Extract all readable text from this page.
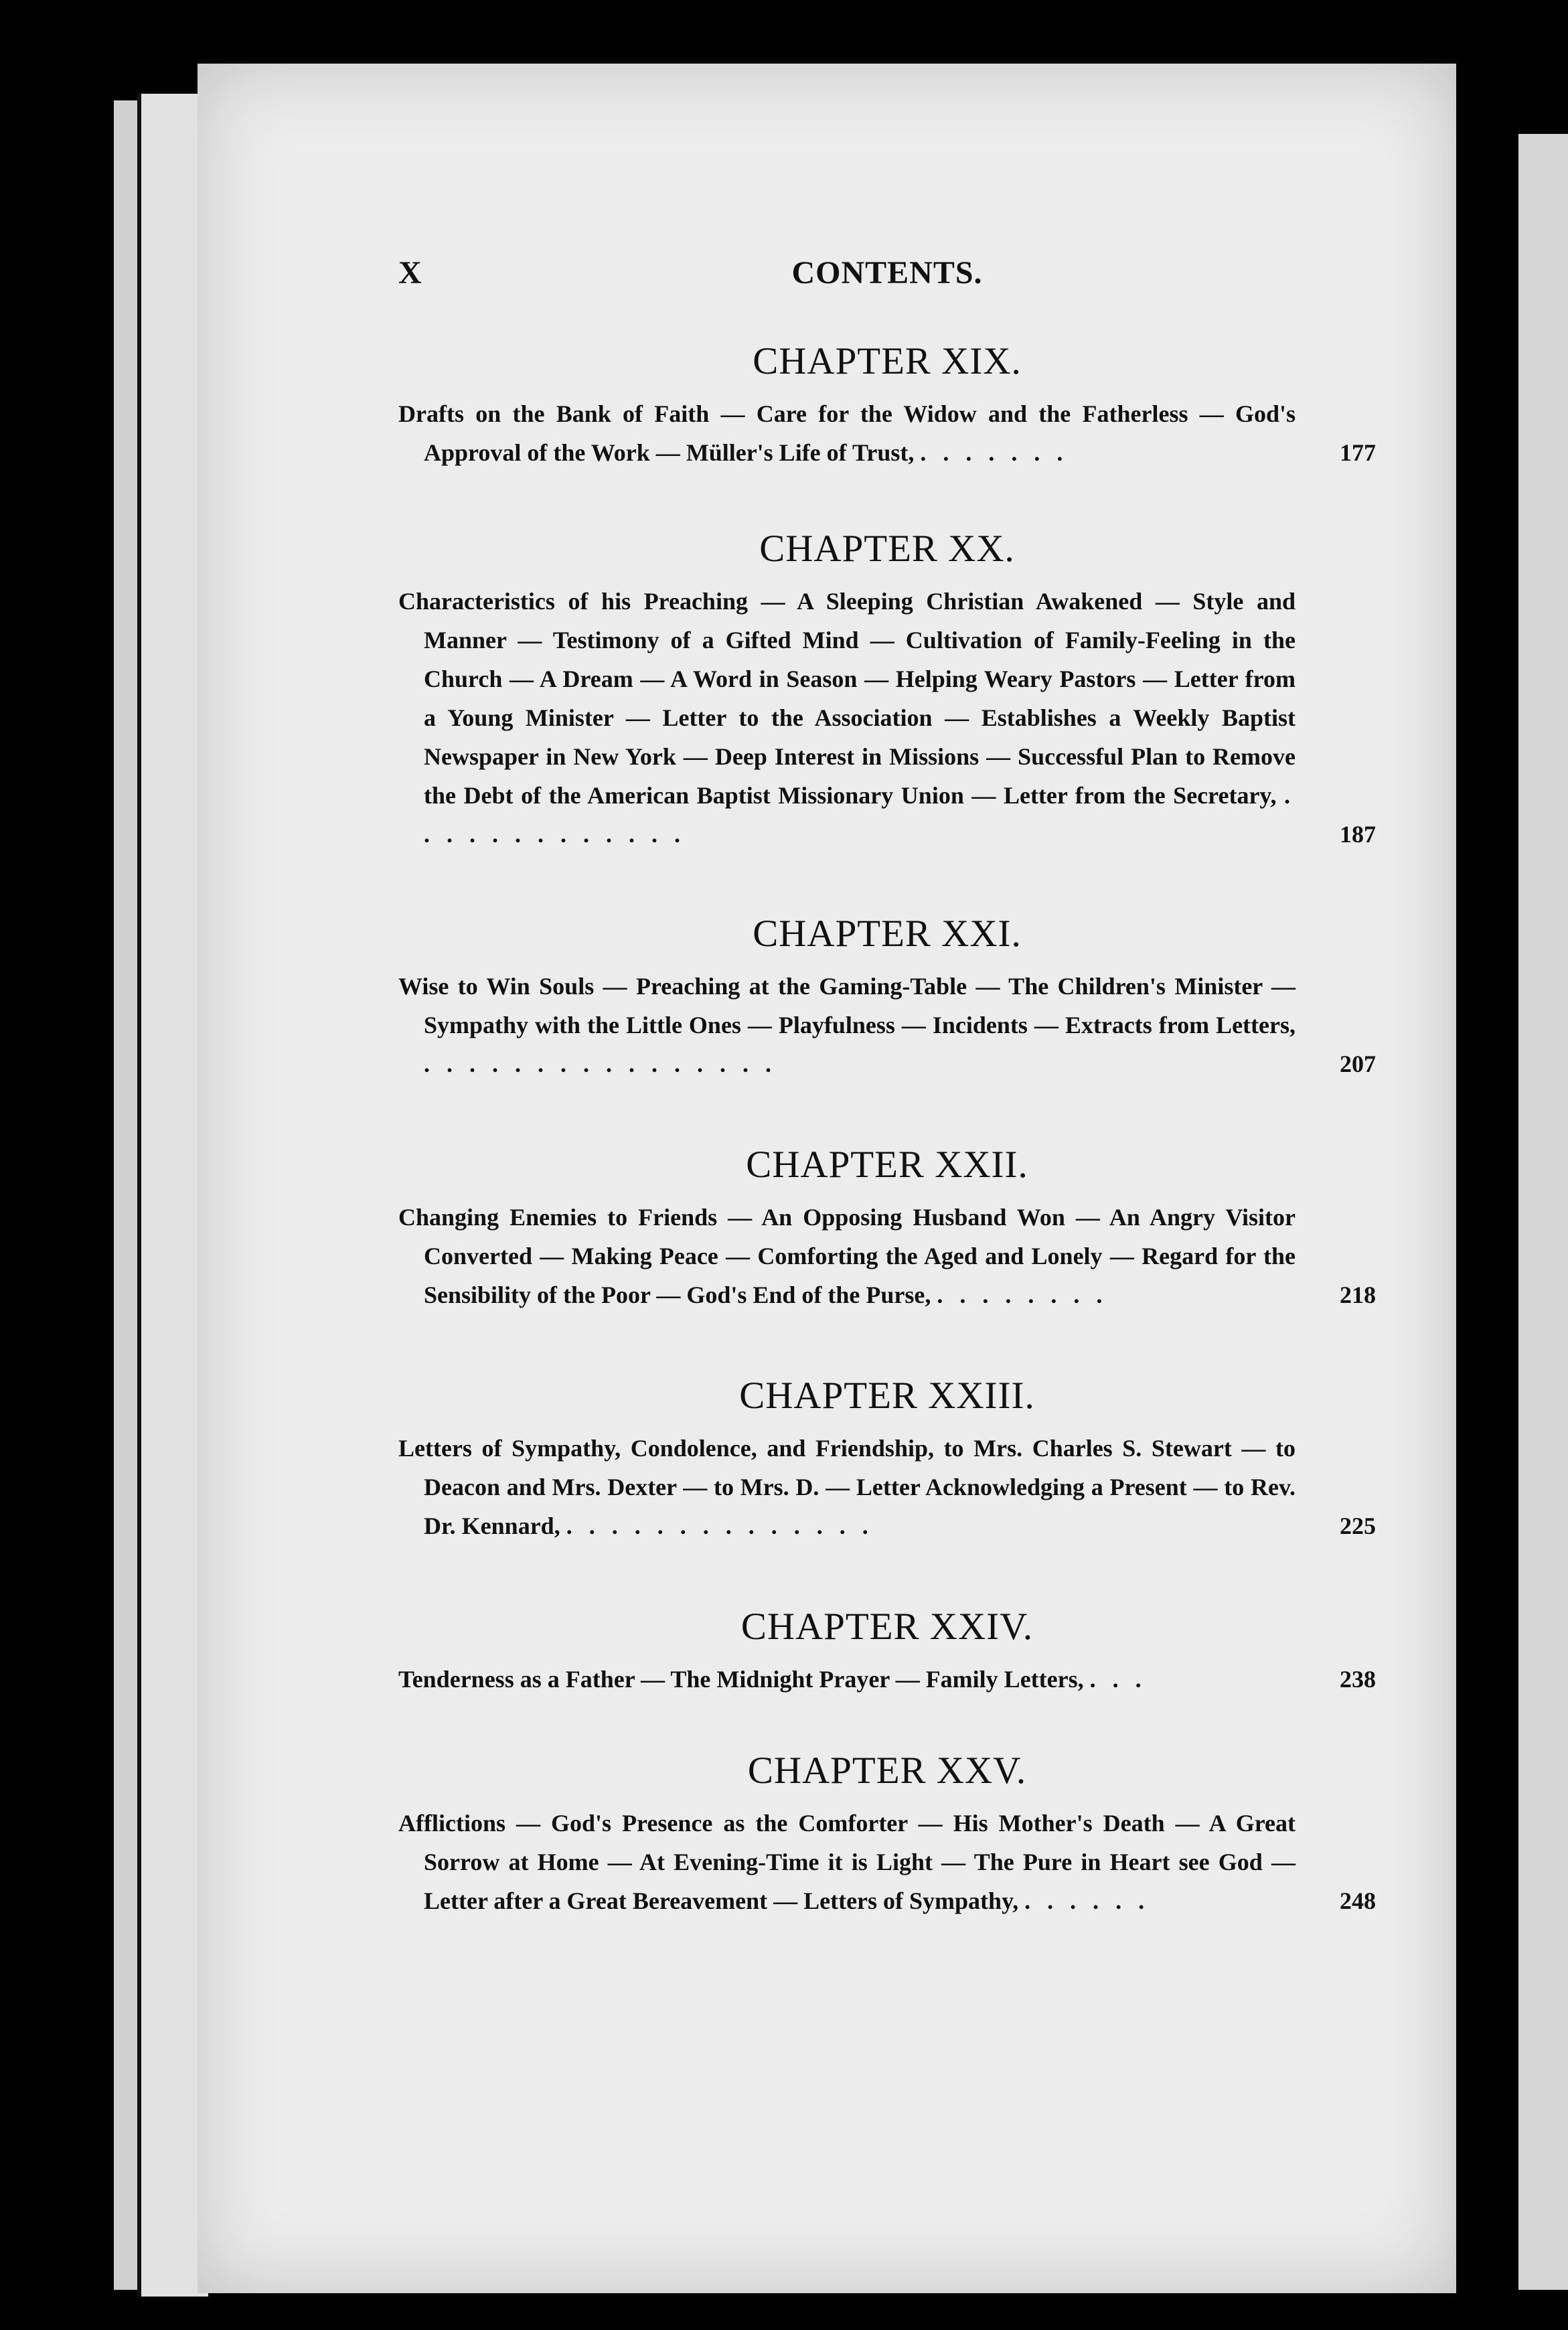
X	CONTENTS.
CHAPTER XIX.
Drafts on the Bank of Faith — Care for the Widow and the Fatherless — God's Approval of the Work — Müller's Life of Trust, . . . . . . .	177
CHAPTER XX.
Characteristics of his Preaching — A Sleeping Christian Awakened — Style and Manner — Testimony of a Gifted Mind — Cultivation of Family-Feeling in the Church — A Dream — A Word in Season — Helping Weary Pastors — Letter from a Young Minister — Letter to the Association — Establishes a Weekly Baptist Newspaper in New York — Deep Interest in Missions — Successful Plan to Remove the Debt of the American Baptist Missionary Union — Letter from the Secretary, . . . . . . . . . . . . .	187
CHAPTER XXI.
Wise to Win Souls — Preaching at the Gaming-Table — The Children's Minister — Sympathy with the Little Ones — Playfulness — Incidents — Extracts from Letters, . . . . . . . . . . . . . . . .	207
CHAPTER XXII.
Changing Enemies to Friends — An Opposing Husband Won — An Angry Visitor Converted — Making Peace — Comforting the Aged and Lonely — Regard for the Sensibility of the Poor — God's End of the Purse, . . . . . . . .	218
CHAPTER XXIII.
Letters of Sympathy, Condolence, and Friendship, to Mrs. Charles S. Stewart — to Deacon and Mrs. Dexter — to Mrs. D. — Letter Acknowledging a Present — to Rev. Dr. Kennard, . . . . . . . . . . . . . .	225
CHAPTER XXIV.
Tenderness as a Father — The Midnight Prayer — Family Letters, . . .	238
CHAPTER XXV.
Afflictions — God's Presence as the Comforter — His Mother's Death — A Great Sorrow at Home — At Evening-Time it is Light — The Pure in Heart see God — Letter after a Great Bereavement — Letters of Sympathy, . . . . . .	248
